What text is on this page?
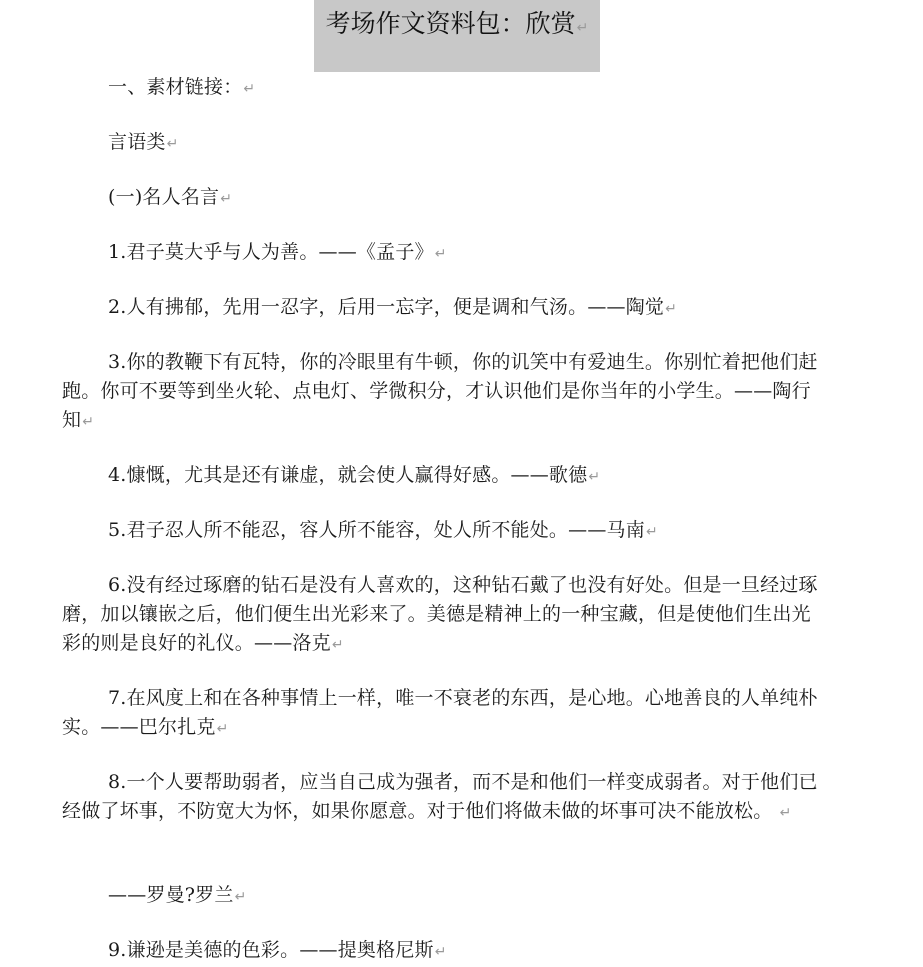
考场作文资料包：欣赏↵
一、素材链接：↵
言语类↵
(一)名人名言↵
1.君子莫大乎与人为善。——《孟子》↵
2.人有拂郁，先用一忍字，后用一忘字，便是调和气汤。——陶觉↵
3.你的教鞭下有瓦特，你的冷眼里有牛顿，你的讥笑中有爱迪生。你别忙着把他们赶跑。你可不要等到坐火轮、点电灯、学微积分，才认识他们是你当年的小学生。——陶行知↵
4.慷慨，尤其是还有谦虚，就会使人赢得好感。——歌德↵
5.君子忍人所不能忍，容人所不能容，处人所不能处。——马南↵
6.没有经过琢磨的钻石是没有人喜欢的，这种钻石戴了也没有好处。但是一旦经过琢磨，加以镶嵌之后，他们便生出光彩来了。美德是精神上的一种宝藏，但是使他们生出光彩的则是良好的礼仪。——洛克↵
7.在风度上和在各种事情上一样，唯一不衰老的东西，是心地。心地善良的人单纯朴实。——巴尔扎克↵
8.一个人要帮助弱者，应当自己成为强者，而不是和他们一样变成弱者。对于他们已经做了坏事，不防宽大为怀，如果你愿意。对于他们将做未做的坏事可决不能放松。 ↵
——罗曼?罗兰↵
9.谦逊是美德的色彩。——提奥格尼斯↵
